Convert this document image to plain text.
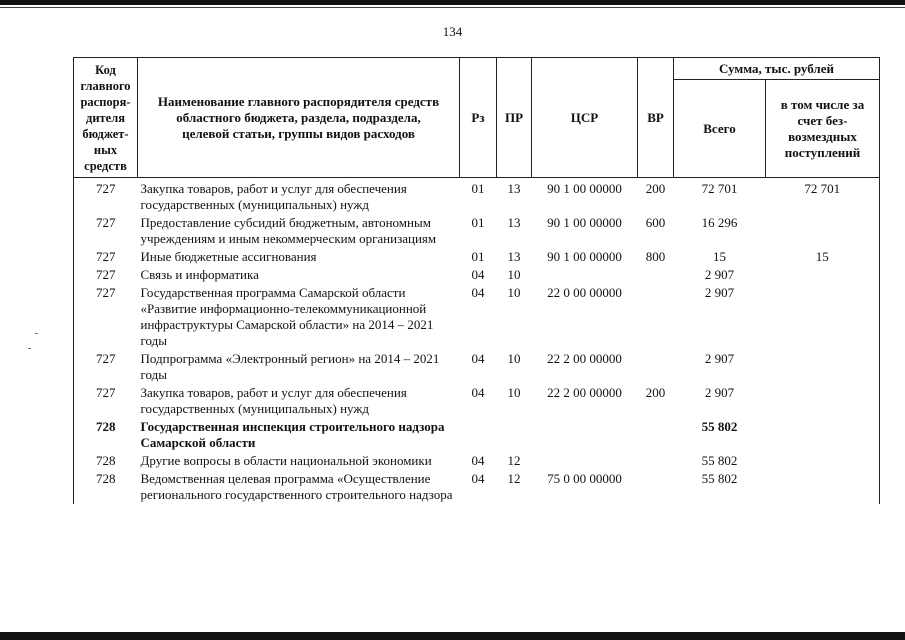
134
Код главного распоря-дителя бюджет-ных средств	Наименование главного распорядителя средств областного бюджета, раздела, подраздела, целевой статьи, группы видов расходов	Рз	ПР	ЦСР	ВР	Сумма, тыс. рублей	
						Всего	в том числе за счет без-возмездных поступлений
727	Закупка товаров, работ и услуг для обеспечения государственных (муниципальных) нужд	01	13	90 1 00 00000	200	72 701	72 701
727	Предоставление субсидий бюджетным, автономным учреждениям и иным некоммерческим организациям	01	13	90 1 00 00000	600	16 296	
727	Иные бюджетные ассигнования	01	13	90 1 00 00000	800	15	15
727	Связь и информатика	04	10			2 907	
727	Государственная программа Самарской области «Развитие информационно-телекоммуникационной инфраструктуры Самарской области» на 2014 – 2021 годы	04	10	22 0 00 00000		2 907	
727	Подпрограмма «Электронный регион» на 2014 – 2021 годы	04	10	22 2 00 00000		2 907	
727	Закупка товаров, работ и услуг для обеспечения государственных (муниципальных) нужд	04	10	22 2 00 00000	200	2 907	
728	Государственная инспекция строительного надзора Самарской области					55 802	
728	Другие вопросы в области национальной экономики	04	12			55 802	
728	Ведомственная целевая программа «Осуществление регионального государственного строительного надзора	04	12	75 0 00 00000		55 802	
